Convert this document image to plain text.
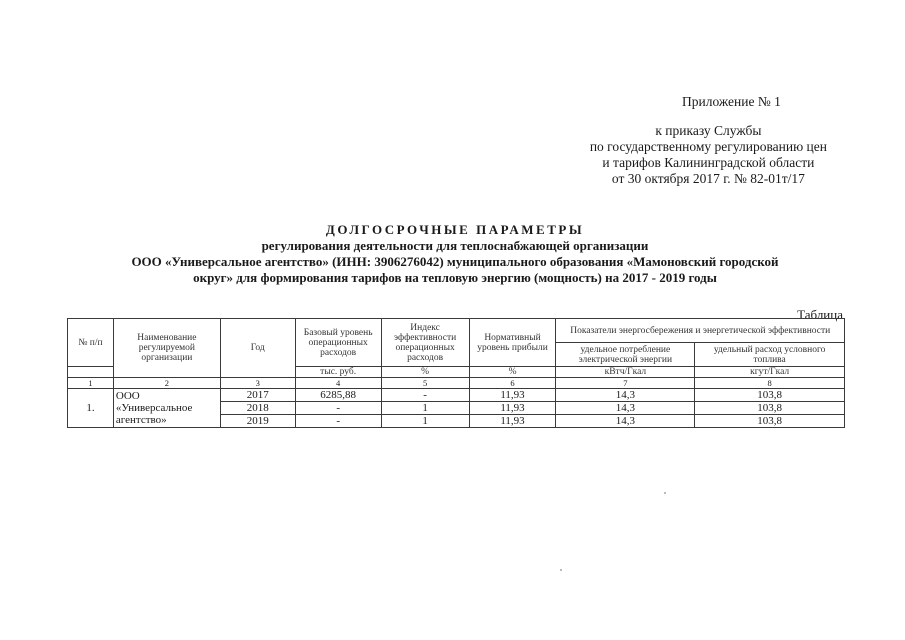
Приложение № 1
к приказу Службы
по государственному регулированию цен
и тарифов Калининградской области
от 30 октября 2017 г. № 82-01т/17
ДОЛГОСРОЧНЫЕ ПАРАМЕТРЫ
регулирования деятельности для теплоснабжающей организации
ООО «Универсальное агентство» (ИНН: 3906276042) муниципального образования «Мамоновский городской
округ» для формирования тарифов на тепловую энергию (мощность) на 2017 - 2019 годы
Таблица
№ п/п	Наименование регулируемой организации	Год	Базовый уровень операционных расходов	Индекс эффективности операционных расходов	Нормативный уровень прибыли	Показатели энергосбережения и энергетической эффективности	
						удельное потребление электрической энергии	удельный расход условного топлива
			тыс. руб.	%	%	кВтч/Гкал	кгут/Гкал
1	2	3	4	5	6	7	8
1.	ООО «Универсальное агентство»	2017	6285,88	-	11,93	14,3	103,8
		2018	-	1	11,93	14,3	103,8
		2019	-	1	11,93	14,3	103,8
